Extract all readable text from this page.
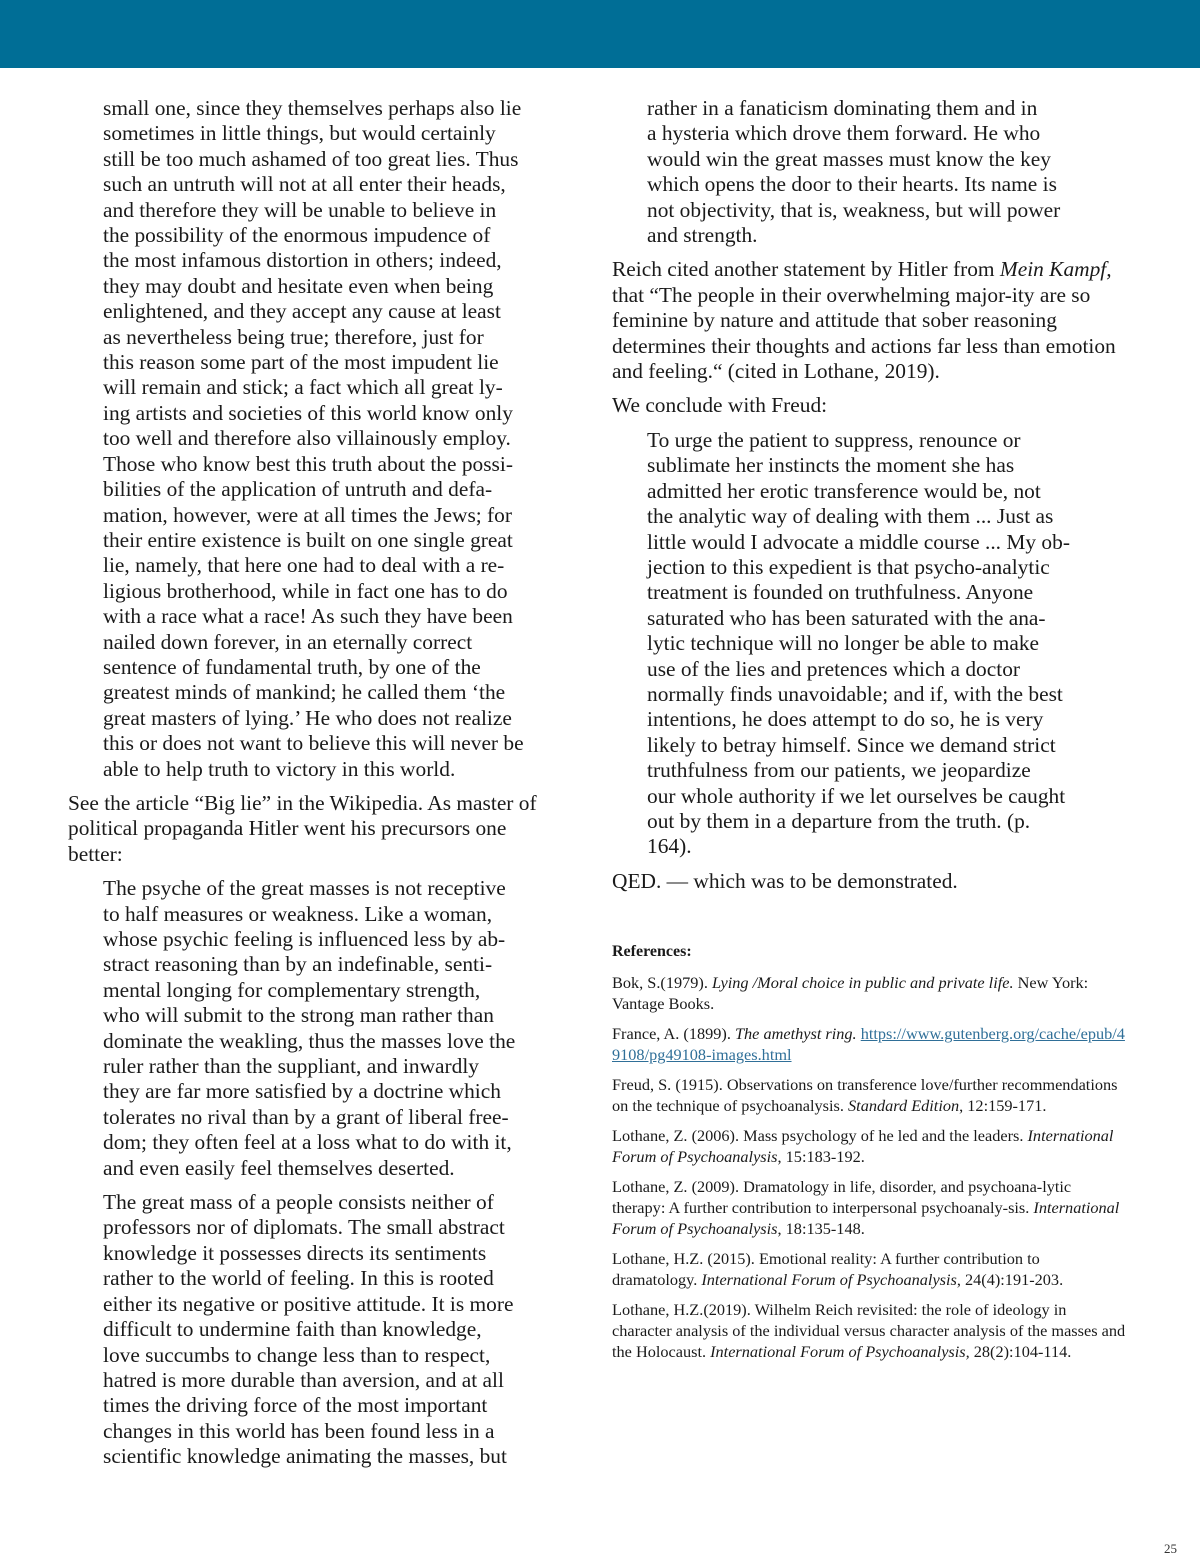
small one, since they themselves perhaps also lie
sometimes in little things, but would certainly
still be too much ashamed of too great lies. Thus
such an untruth will not at all enter their heads,
and therefore they will be unable to believe in
the possibility of the enormous impudence of
the most infamous distortion in others; indeed,
they may doubt and hesitate even when being
enlightened, and they accept any cause at least
as nevertheless being true; therefore, just for
this reason some part of the most impudent lie
will remain and stick; a fact which all great ly-
ing artists and societies of this world know only
too well and therefore also villainously employ.
Those who know best this truth about the possi-
bilities of the application of untruth and defa-
mation, however, were at all times the Jews; for
their entire existence is built on one single great
lie, namely, that here one had to deal with a re-
ligious brotherhood, while in fact one has to do
with a race what a race! As such they have been
nailed down forever, in an eternally correct
sentence of fundamental truth, by one of the
greatest minds of mankind; he called them ‘the
great masters of lying.’ He who does not realize
this or does not want to believe this will never be
able to help truth to victory in this world.
See the article “Big lie” in the Wikipedia. As master of
political propaganda Hitler went his precursors one
better:
The psyche of the great masses is not receptive
to half measures or weakness. Like a woman,
whose psychic feeling is influenced less by ab-
stract reasoning than by an indefinable, senti-
mental longing for complementary strength,
who will submit to the strong man rather than
dominate the weakling, thus the masses love the
ruler rather than the suppliant, and inwardly
they are far more satisfied by a doctrine which
tolerates no rival than by a grant of liberal free-
dom; they often feel at a loss what to do with it,
and even easily feel themselves deserted.
The great mass of a people consists neither of
professors nor of diplomats. The small abstract
knowledge it possesses directs its sentiments
rather to the world of feeling. In this is rooted
either its negative or positive attitude. It is more
difficult to undermine faith than knowledge,
love succumbs to change less than to respect,
hatred is more durable than aversion, and at all
times the driving force of the most important
changes in this world has been found less in a
scientific knowledge animating the masses, but
rather in a fanaticism dominating them and in
a hysteria which drove them forward. He who
would win the great masses must know the key
which opens the door to their hearts. Its name is
not objectivity, that is, weakness, but will power
and strength.

Reich cited another statement by Hitler from Mein Kampf, that “The people in their overwhelming major-ity are so feminine by nature and attitude that sober reasoning determines their thoughts and actions far less than emotion and feeling.“ (cited in Lothane, 2019).

We conclude with Freud:

To urge the patient to suppress, renounce or
sublimate her instincts the moment she has
admitted her erotic transference would be, not
the analytic way of dealing with them ... Just as
little would I advocate a middle course ... My ob-
jection to this expedient is that psycho-analytic
treatment is founded on truthfulness. Anyone
saturated who has been saturated with the ana-
lytic technique will no longer be able to make
use of the lies and pretences which a doctor
normally finds unavoidable; and if, with the best
intentions, he does attempt to do so, he is very
likely to betray himself. Since we demand strict
truthfulness from our patients, we jeopardize
our whole authority if we let ourselves be caught
out by them in a departure from the truth. (p.
164).

QED. — which was to be demonstrated.

References:

Bok, S.(1979). Lying /Moral choice in public and private life. New York: Vantage Books.

France, A. (1899). The amethyst ring. https://www.gutenberg.org/cache/epub/49108/pg49108-images.html

Freud, S. (1915). Observations on transference love/further recommendations on the technique of psychoanalysis. Standard Edition, 12:159-171.

Lothane, Z. (2006). Mass psychology of he led and the leaders. International Forum of Psychoanalysis, 15:183-192.

Lothane, Z. (2009). Dramatology in life, disorder, and psychoana-lytic therapy: A further contribution to interpersonal psychoanaly-sis. International Forum of Psychoanalysis, 18:135-148.

Lothane, H.Z. (2015). Emotional reality: A further contribution to dramatology. International Forum of Psychoanalysis, 24(4):191-203.

Lothane, H.Z.(2019). Wilhelm Reich revisited: the role of ideology in character analysis of the individual versus character analysis of the masses and the Holocaust. International Forum of Psychoanalysis, 28(2):104-114.

25
